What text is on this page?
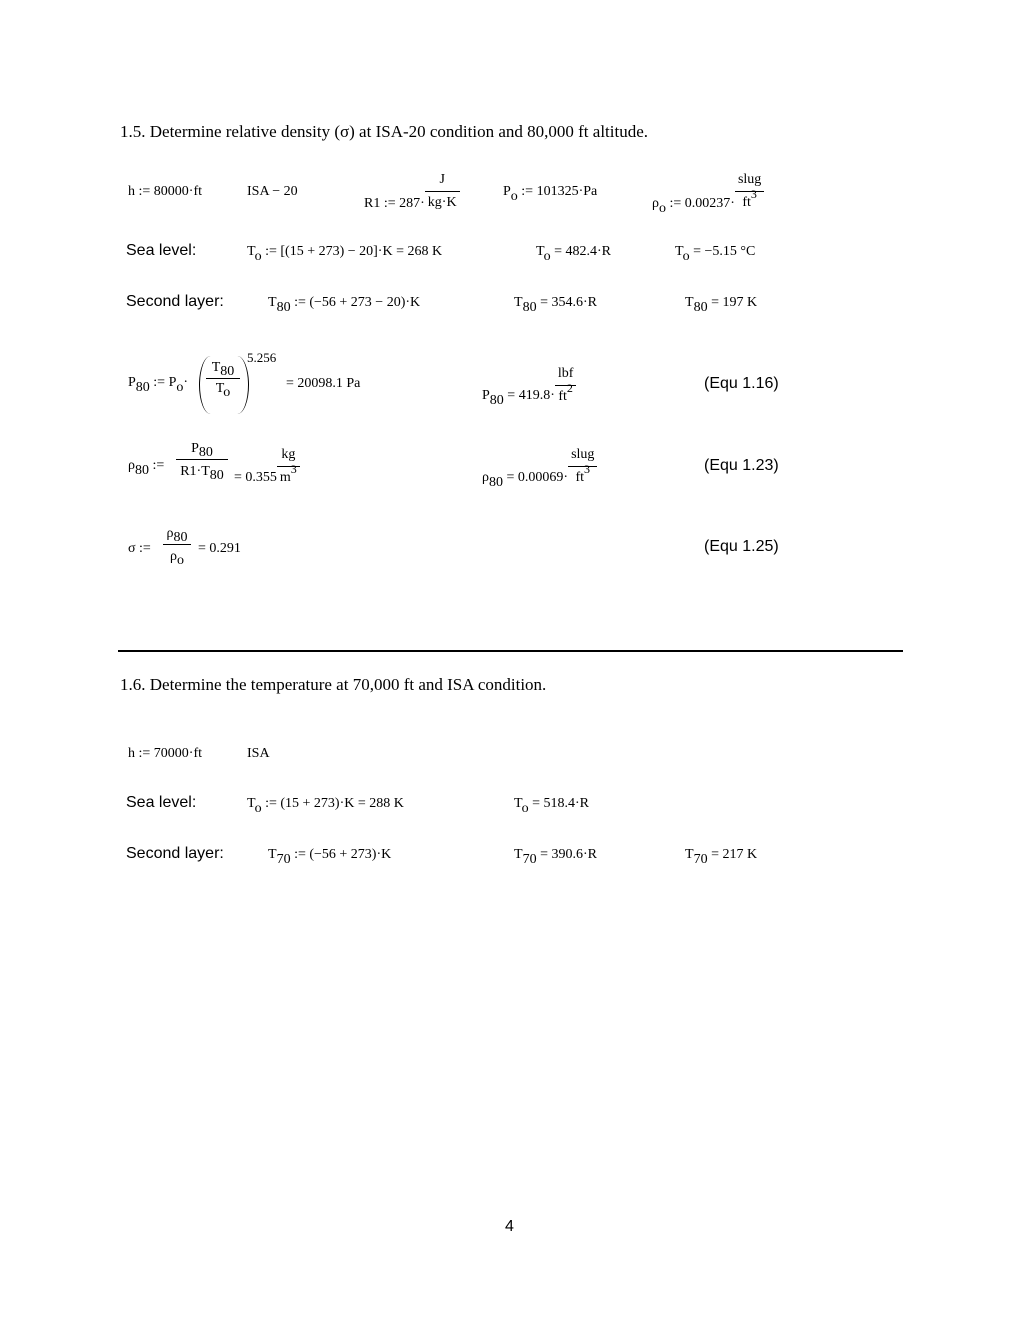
1.5. Determine relative density (σ) at ISA-20 condition and 80,000 ft altitude.
h := 80000·ft	ISA − 20
R1 := $287\cdot \frac{J}{kg\cdot K}$	Po := 101325·Pa
ρo := $0.00237\cdot \frac{\text{slug}}{ft3}$
Sea level:	To := [(15 + 273) − 20]·K = 268 K	To = 482.4·R	To = −5.15 °C
Second layer:	T80 := (−56 + 273 − 20)·K	T80 = 354.6·R	T80 = 197 K
P80 := Po·
T80
To
5.256
= 20098.1 Pa
$P80 = 419.8\cdot \frac{\text{lbf}}{ft2}$	(Equ 1.16)
ρ80 :=
P80
$R1\cdot T80 = 0.355 \frac{kg}{m3}$	$\rho 80 = 0.00069\cdot \frac{\text{slug}}{ft3}$	(Equ 1.23)
σ :=
ρ80
ρo
= 0.291	(Equ 1.25)
1.6. Determine the temperature at 70,000 ft and ISA condition.
h := 70000·ft	ISA
Sea level:	To := (15 + 273)·K = 288 K	To = 518.4·R
Second layer:	T70 := (−56 + 273)·K	T70 = 390.6·R	T70 = 217 K
4
